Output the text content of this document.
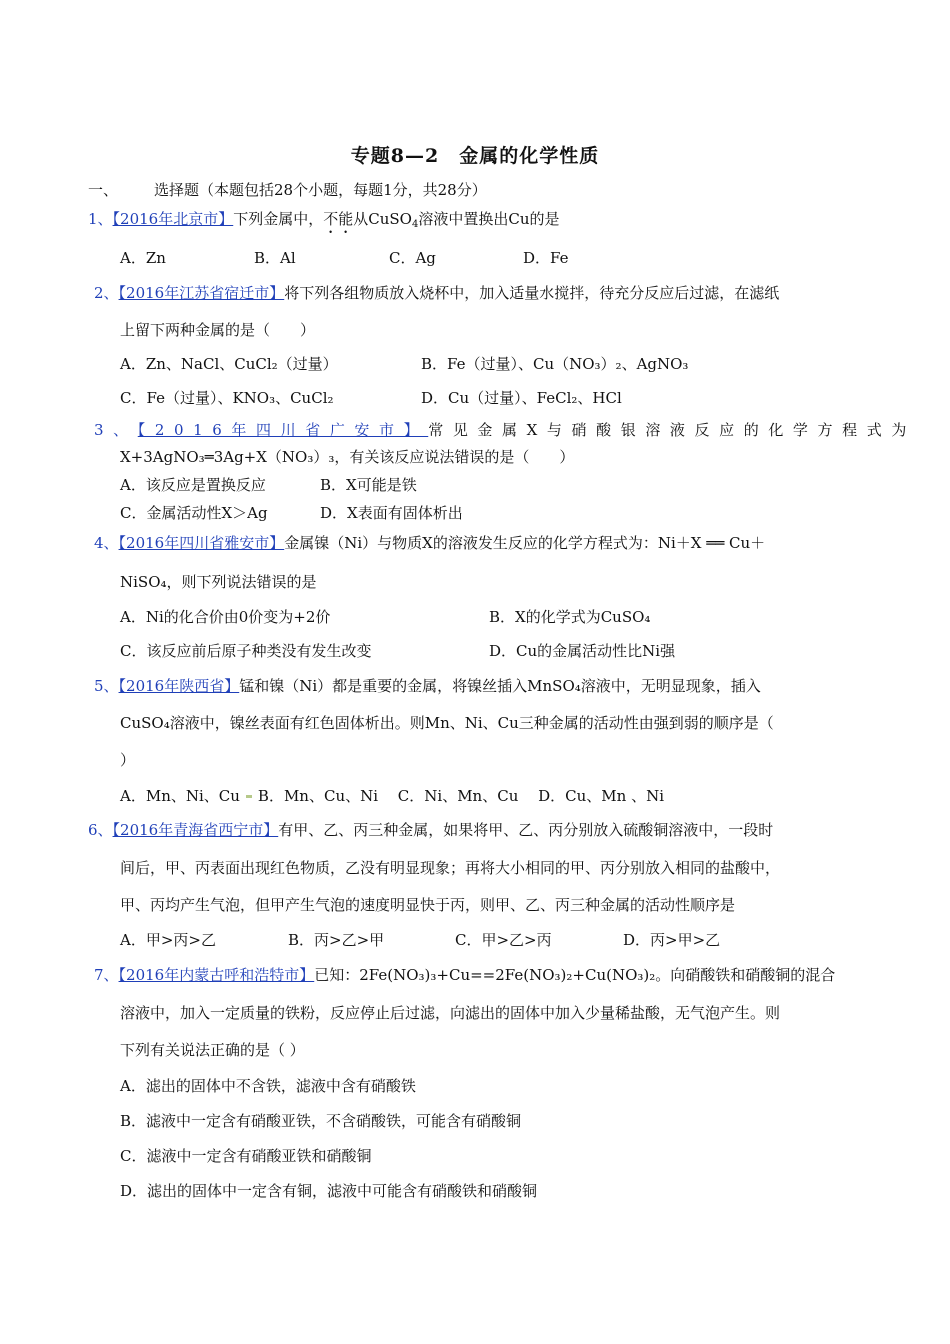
专题8—2　金属的化学性质
一、 选择题（本题包括28个小题，每题1分，共28分）
1、【2016年北京市】下列金属中，不能从CuSO$_4$溶液中置换出Cu的是
A．Zn	B．Al	C．Ag	D．Fe
2、【2016年江苏省宿迁市】将下列各组物质放入烧杯中，加入适量水搅拌，待充分反应后过滤，在滤纸
上留下两种金属的是（　　）
A．Zn、NaCl、CuCl₂（过量）	B．Fe（过量）、Cu（NO₃）₂、AgNO₃
C．Fe（过量）、KNO₃、CuCl₂	D．Cu（过量）、FeCl₂、HCl
3、【2016年四川省广安市】常见金属X与硝酸银溶液反应的化学方程式为
X+3AgNO₃═3Ag+X（NO₃）₃，有关该反应说法错误的是（　　）
A．该反应是置换反应	B．X可能是铁
C．金属活动性X＞Ag	D．X表面有固体析出
4、【2016年四川省雅安市】金属镍（Ni）与物质X的溶液发生反应的化学方程式为：Ni＋X ══ Cu＋
NiSO₄，则下列说法错误的是
A．Ni的化合价由0价变为+2价	B．X的化学式为CuSO₄
C．该反应前后原子种类没有发生改变	D．Cu的金属活动性比Ni强
5、【2016年陕西省】锰和镍（Ni）都是重要的金属，将镍丝插入MnSO₄溶液中，无明显现象，插入
CuSO₄溶液中，镍丝表面有红色固体析出。则Mn、Ni、Cu三种金属的活动性由强到弱的顺序是（
）
A．Mn、Ni、Cu B．Mn、Cu、Ni　 C．Ni、Mn、Cu　 D．Cu、Mn 、Ni
6、【2016年青海省西宁市】有甲、乙、丙三种金属，如果将甲、乙、丙分别放入硫酸铜溶液中，一段时
间后，甲、丙表面出现红色物质，乙没有明显现象；再将大小相同的甲、丙分别放入相同的盐酸中，
甲、丙均产生气泡，但甲产生气泡的速度明显快于丙，则甲、乙、丙三种金属的活动性顺序是
A．甲>丙>乙	B．丙>乙>甲	C．甲>乙>丙	D．丙>甲>乙
7、【2016年内蒙古呼和浩特市】已知：2Fe(NO₃)₃+Cu==2Fe(NO₃)₂+Cu(NO₃)₂。向硝酸铁和硝酸铜的混合
溶液中，加入一定质量的铁粉，反应停止后过滤，向滤出的固体中加入少量稀盐酸，无气泡产生。则
下列有关说法正确的是（ ）
A．滤出的固体中不含铁，滤液中含有硝酸铁
B．滤液中一定含有硝酸亚铁，不含硝酸铁，可能含有硝酸铜
C．滤液中一定含有硝酸亚铁和硝酸铜
D．滤出的固体中一定含有铜，滤液中可能含有硝酸铁和硝酸铜
